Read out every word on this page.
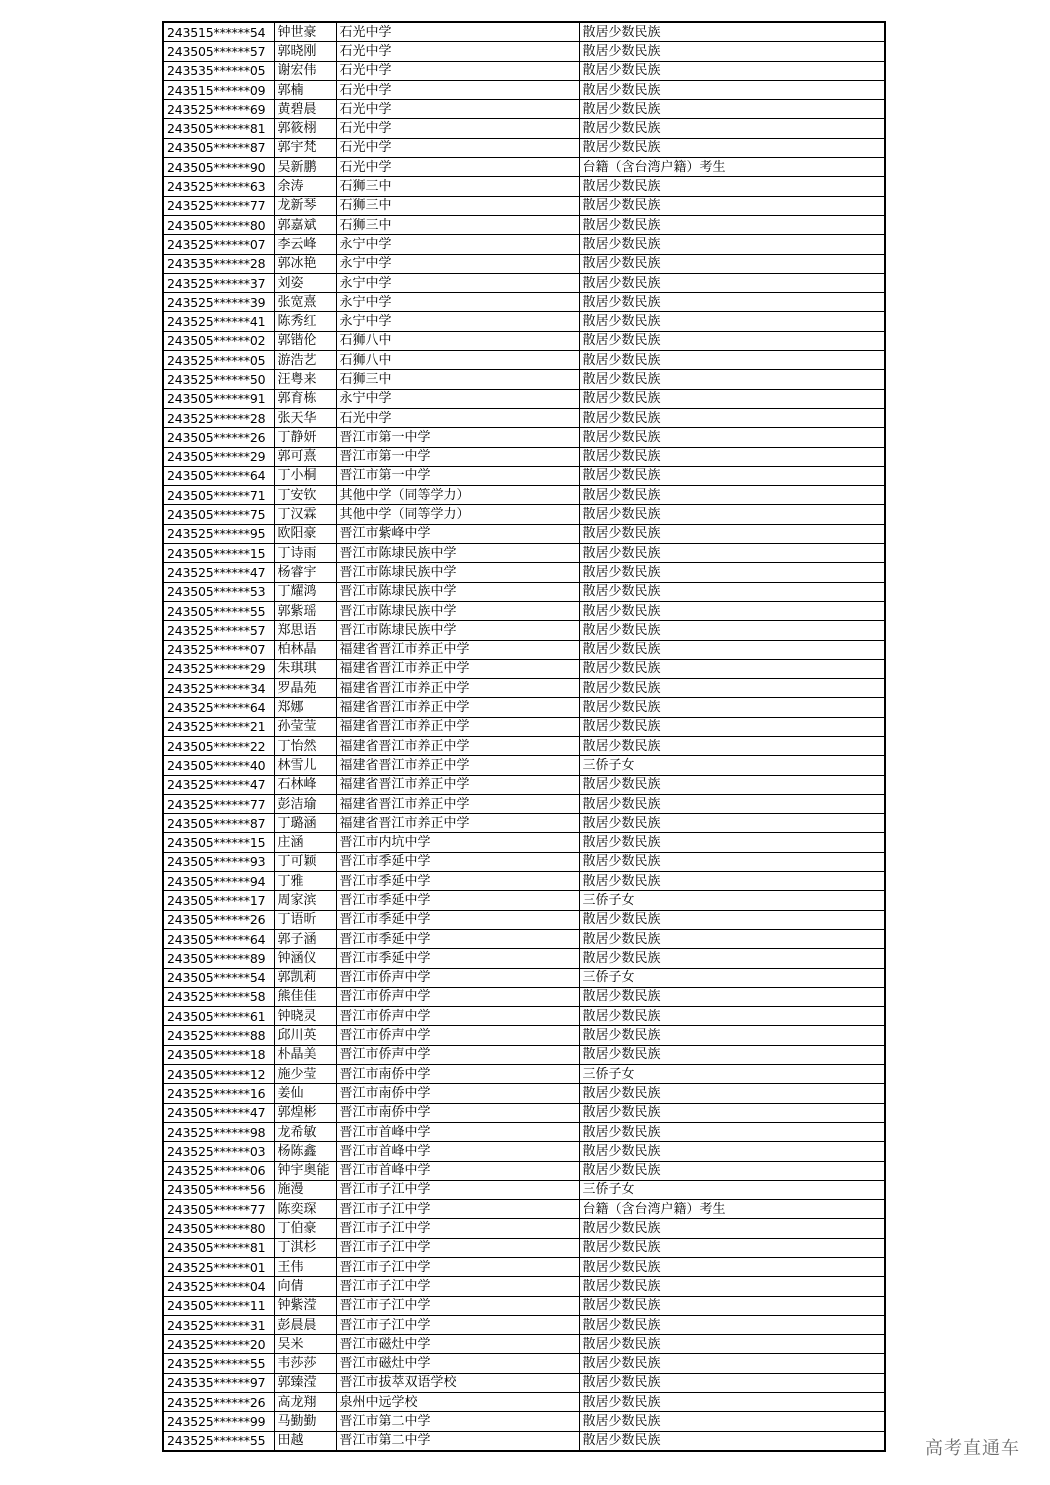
243515******54	钟世豪	石光中学	散居少数民族
243505******57	郭晓刚	石光中学	散居少数民族
243535******05	谢宏伟	石光中学	散居少数民族
243515******09	郭楠	石光中学	散居少数民族
243525******69	黄碧晨	石光中学	散居少数民族
243505******81	郭筱栩	石光中学	散居少数民族
243505******87	郭宇梵	石光中学	散居少数民族
243505******90	吴新鹏	石光中学	台籍（含台湾户籍）考生
243525******63	余涛	石狮三中	散居少数民族
243525******77	龙新琴	石狮三中	散居少数民族
243505******80	郭嘉斌	石狮三中	散居少数民族
243525******07	李云峰	永宁中学	散居少数民族
243535******28	郭冰艳	永宁中学	散居少数民族
243525******37	刘姿	永宁中学	散居少数民族
243525******39	张宽熹	永宁中学	散居少数民族
243525******41	陈秀红	永宁中学	散居少数民族
243505******02	郭锴伦	石狮八中	散居少数民族
243525******05	游浩艺	石狮八中	散居少数民族
243525******50	汪粤来	石狮三中	散居少数民族
243505******91	郭育栋	永宁中学	散居少数民族
243525******28	张天华	石光中学	散居少数民族
243505******26	丁静妍	晋江市第一中学	散居少数民族
243505******29	郭可熹	晋江市第一中学	散居少数民族
243505******64	丁小桐	晋江市第一中学	散居少数民族
243505******71	丁安钦	其他中学（同等学力）	散居少数民族
243505******75	丁汉霖	其他中学（同等学力）	散居少数民族
243525******95	欧阳豪	晋江市紫峰中学	散居少数民族
243505******15	丁诗雨	晋江市陈埭民族中学	散居少数民族
243525******47	杨睿宇	晋江市陈埭民族中学	散居少数民族
243505******53	丁耀鸿	晋江市陈埭民族中学	散居少数民族
243505******55	郭紫瑶	晋江市陈埭民族中学	散居少数民族
243525******57	郑思语	晋江市陈埭民族中学	散居少数民族
243525******07	柏林晶	福建省晋江市养正中学	散居少数民族
243525******29	朱琪琪	福建省晋江市养正中学	散居少数民族
243525******34	罗晶苑	福建省晋江市养正中学	散居少数民族
243525******64	郑娜	福建省晋江市养正中学	散居少数民族
243525******21	孙莹莹	福建省晋江市养正中学	散居少数民族
243505******22	丁怡然	福建省晋江市养正中学	散居少数民族
243505******40	林雪儿	福建省晋江市养正中学	三侨子女
243525******47	石林峰	福建省晋江市养正中学	散居少数民族
243525******77	彭洁瑜	福建省晋江市养正中学	散居少数民族
243505******87	丁璐涵	福建省晋江市养正中学	散居少数民族
243505******15	庄涵	晋江市内坑中学	散居少数民族
243505******93	丁可颖	晋江市季延中学	散居少数民族
243505******94	丁雅	晋江市季延中学	散居少数民族
243505******17	周家滨	晋江市季延中学	三侨子女
243505******26	丁语昕	晋江市季延中学	散居少数民族
243505******64	郭子涵	晋江市季延中学	散居少数民族
243505******89	钟涵仪	晋江市季延中学	散居少数民族
243505******54	郭凯莉	晋江市侨声中学	三侨子女
243525******58	熊佳佳	晋江市侨声中学	散居少数民族
243505******61	钟晓灵	晋江市侨声中学	散居少数民族
243525******88	邱川英	晋江市侨声中学	散居少数民族
243505******18	朴晶美	晋江市侨声中学	散居少数民族
243505******12	施少莹	晋江市南侨中学	三侨子女
243525******16	姜仙	晋江市南侨中学	散居少数民族
243505******47	郭煌彬	晋江市南侨中学	散居少数民族
243525******98	龙希敏	晋江市首峰中学	散居少数民族
243525******03	杨陈鑫	晋江市首峰中学	散居少数民族
243525******06	钟宇奥能	晋江市首峰中学	散居少数民族
243505******56	施漫	晋江市子江中学	三侨子女
243505******77	陈奕琛	晋江市子江中学	台籍（含台湾户籍）考生
243505******80	丁伯豪	晋江市子江中学	散居少数民族
243505******81	丁淇杉	晋江市子江中学	散居少数民族
243525******01	王伟	晋江市子江中学	散居少数民族
243525******04	向倩	晋江市子江中学	散居少数民族
243505******11	钟紫滢	晋江市子江中学	散居少数民族
243525******31	彭晨晨	晋江市子江中学	散居少数民族
243525******20	吴米	晋江市磁灶中学	散居少数民族
243525******55	韦莎莎	晋江市磁灶中学	散居少数民族
243535******97	郭臻滢	晋江市拔萃双语学校	散居少数民族
243525******26	高龙翔	泉州中远学校	散居少数民族
243525******99	马勤勤	晋江市第二中学	散居少数民族
243525******55	田越	晋江市第二中学	散居少数民族	高考直通车
